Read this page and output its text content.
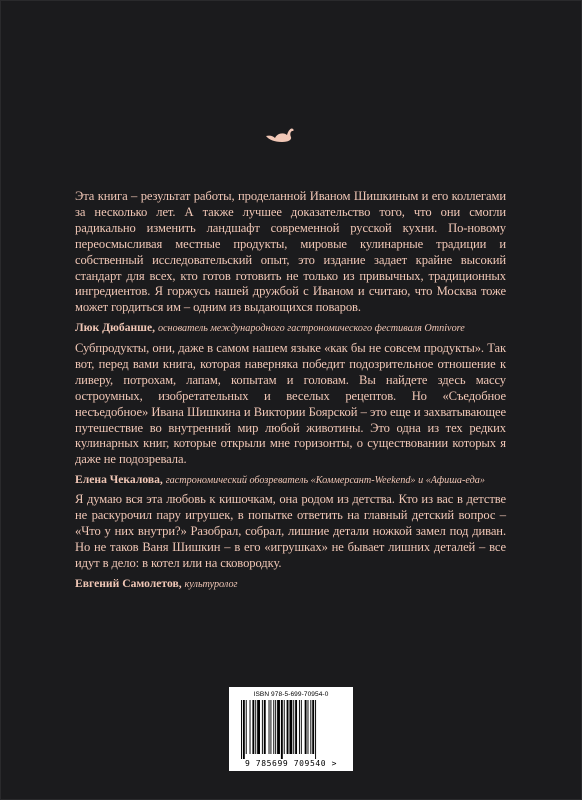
Эта книга – результат работы, проделанной Иваном Шишкиным и его коллегами за несколько лет. А также лучшее доказательство того, что они смогли радикально изменить ландшафт современной русской кухни. По-новому переосмысливая местные продукты, мировые кулинарные традиции и собственный исследовательский опыт, это издание задает крайне высокий стандарт для всех, кто готов готовить не только из привычных, традиционных ингредиентов. Я горжусь нашей дружбой с Иваном и считаю, что Москва тоже может гордиться им – одним из выдающихся поваров.

Люк Дюбанше, основатель международного гастрономического фестиваля Omnivore

Субпродукты, они, даже в самом нашем языке «как бы не совсем продукты». Так вот, перед вами книга, которая наверняка победит подозрительное отношение к ливеру, потрохам, лапам, копытам и головам. Вы найдете здесь массу остроумных, изобретательных и веселых рецептов. Но «Съедобное несъедобное» Ивана Шишкина и Виктории Боярской – это еще и захватывающее путешествие во внутренний мир любой животины. Это одна из тех редких кулинарных книг, которые открыли мне горизонты, о существовании которых я даже не подозревала.

Елена Чекалова, гастрономический обозреватель «Коммерсант-Weekend» и «Афиша-еда»

Я думаю вся эта любовь к кишочкам, она родом из детства. Кто из вас в детстве не раскурочил пару игрушек, в попытке ответить на главный детский вопрос – «Что у них внутри?» Разобрал, собрал, лишние детали ножкой замел под диван. Но не таков Ваня Шишкин – в его «игрушках» не бывает лишних деталей – все идут в дело: в котел или на сковородку.

Евгений Самолетов, культуролог
ISBN 978-5-699-70954-0
9 785699 709540 >
